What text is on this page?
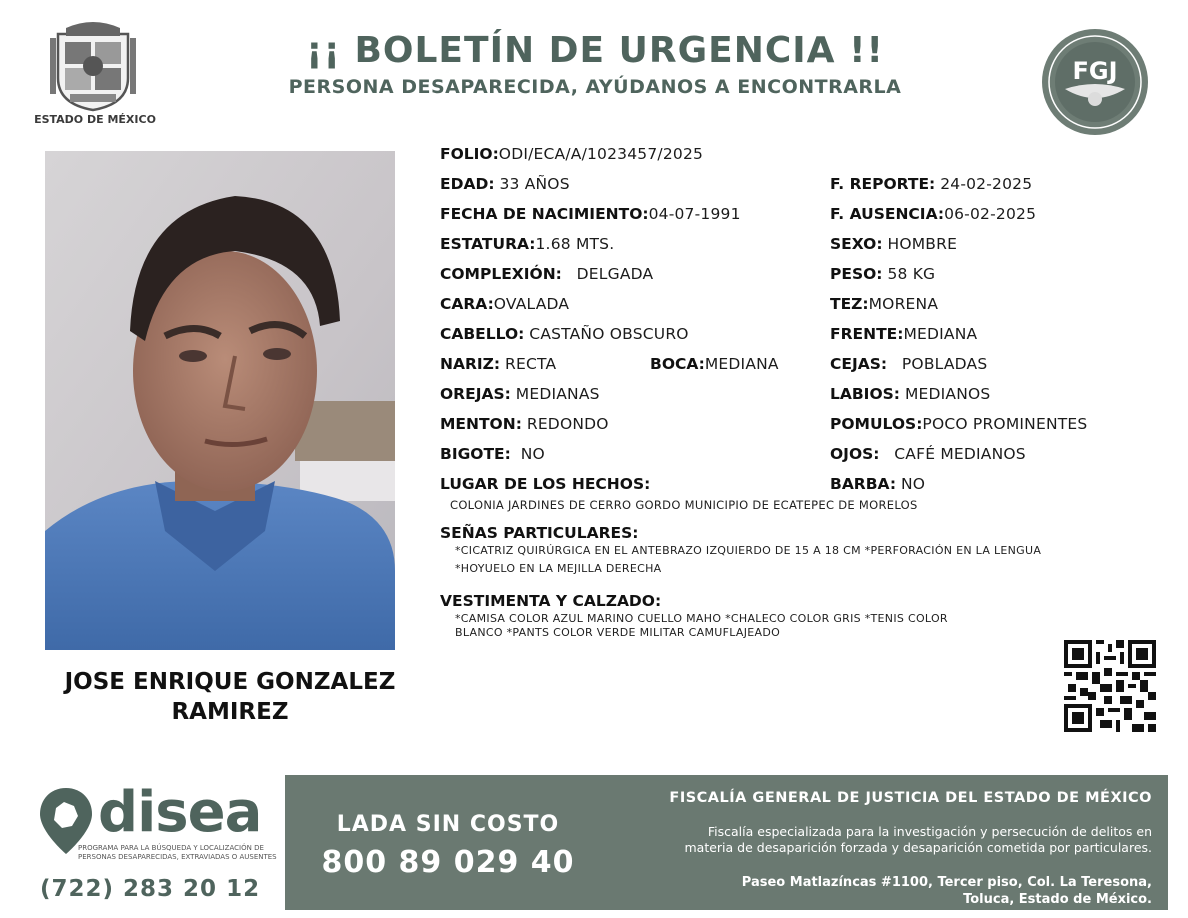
ESTADO DE MÉXICO
¡¡ BOLETÍN DE URGENCIA !!
PERSONA DESAPARECIDA, AYÚDANOS A ENCONTRARLA
FGJ
JOSE ENRIQUE GONZALEZ
RAMIREZ
FOLIO:ODI/ECA/A/1023457/2025
EDAD: 33 AÑOS	F. REPORTE: 24-02-2025
FECHA DE NACIMIENTO:04-07-1991	F. AUSENCIA:06-02-2025
ESTATURA:1.68 MTS.	SEXO: HOMBRE
COMPLEXIÓN: DELGADA	PESO: 58 KG
CARA:OVALADA	TEZ:MORENA
CABELLO: CASTAÑO OBSCURO	FRENTE:MEDIANA
NARIZ: RECTA	BOCA:MEDIANA	CEJAS: POBLADAS
OREJAS: MEDIANAS	LABIOS: MEDIANOS
MENTON: REDONDO	POMULOS:POCO PROMINENTES
BIGOTE: NO	OJOS: CAFÉ MEDIANOS
LUGAR DE LOS HECHOS:	BARBA: NO
COLONIA JARDINES DE CERRO GORDO MUNICIPIO DE ECATEPEC DE MORELOS
SEÑAS PARTICULARES:
*CICATRIZ QUIRÚRGICA EN EL ANTEBRAZO IZQUIERDO DE 15 A 18 CM *PERFORACIÓN EN LA LENGUA
*HOYUELO EN LA MEJILLA DERECHA
VESTIMENTA Y CALZADO:
*CAMISA COLOR AZUL MARINO CUELLO MAHO *CHALECO COLOR GRIS *TENIS COLOR
BLANCO *PANTS COLOR VERDE MILITAR CAMUFLAJEADO
disea
PROGRAMA PARA LA BÚSQUEDA Y LOCALIZACIÓN DE PERSONAS DESAPARECIDAS, EXTRAVIADAS O AUSENTES
(722) 283 20 12
LADA SIN COSTO
800 89 029 40
FISCALÍA GENERAL DE JUSTICIA DEL ESTADO DE MÉXICO
Fiscalía especializada para la investigación y persecución de delitos en
materia de desaparición forzada y desaparición cometida por particulares.
Paseo Matlazíncas #1100, Tercer piso, Col. La Teresona,
Toluca, Estado de México.
